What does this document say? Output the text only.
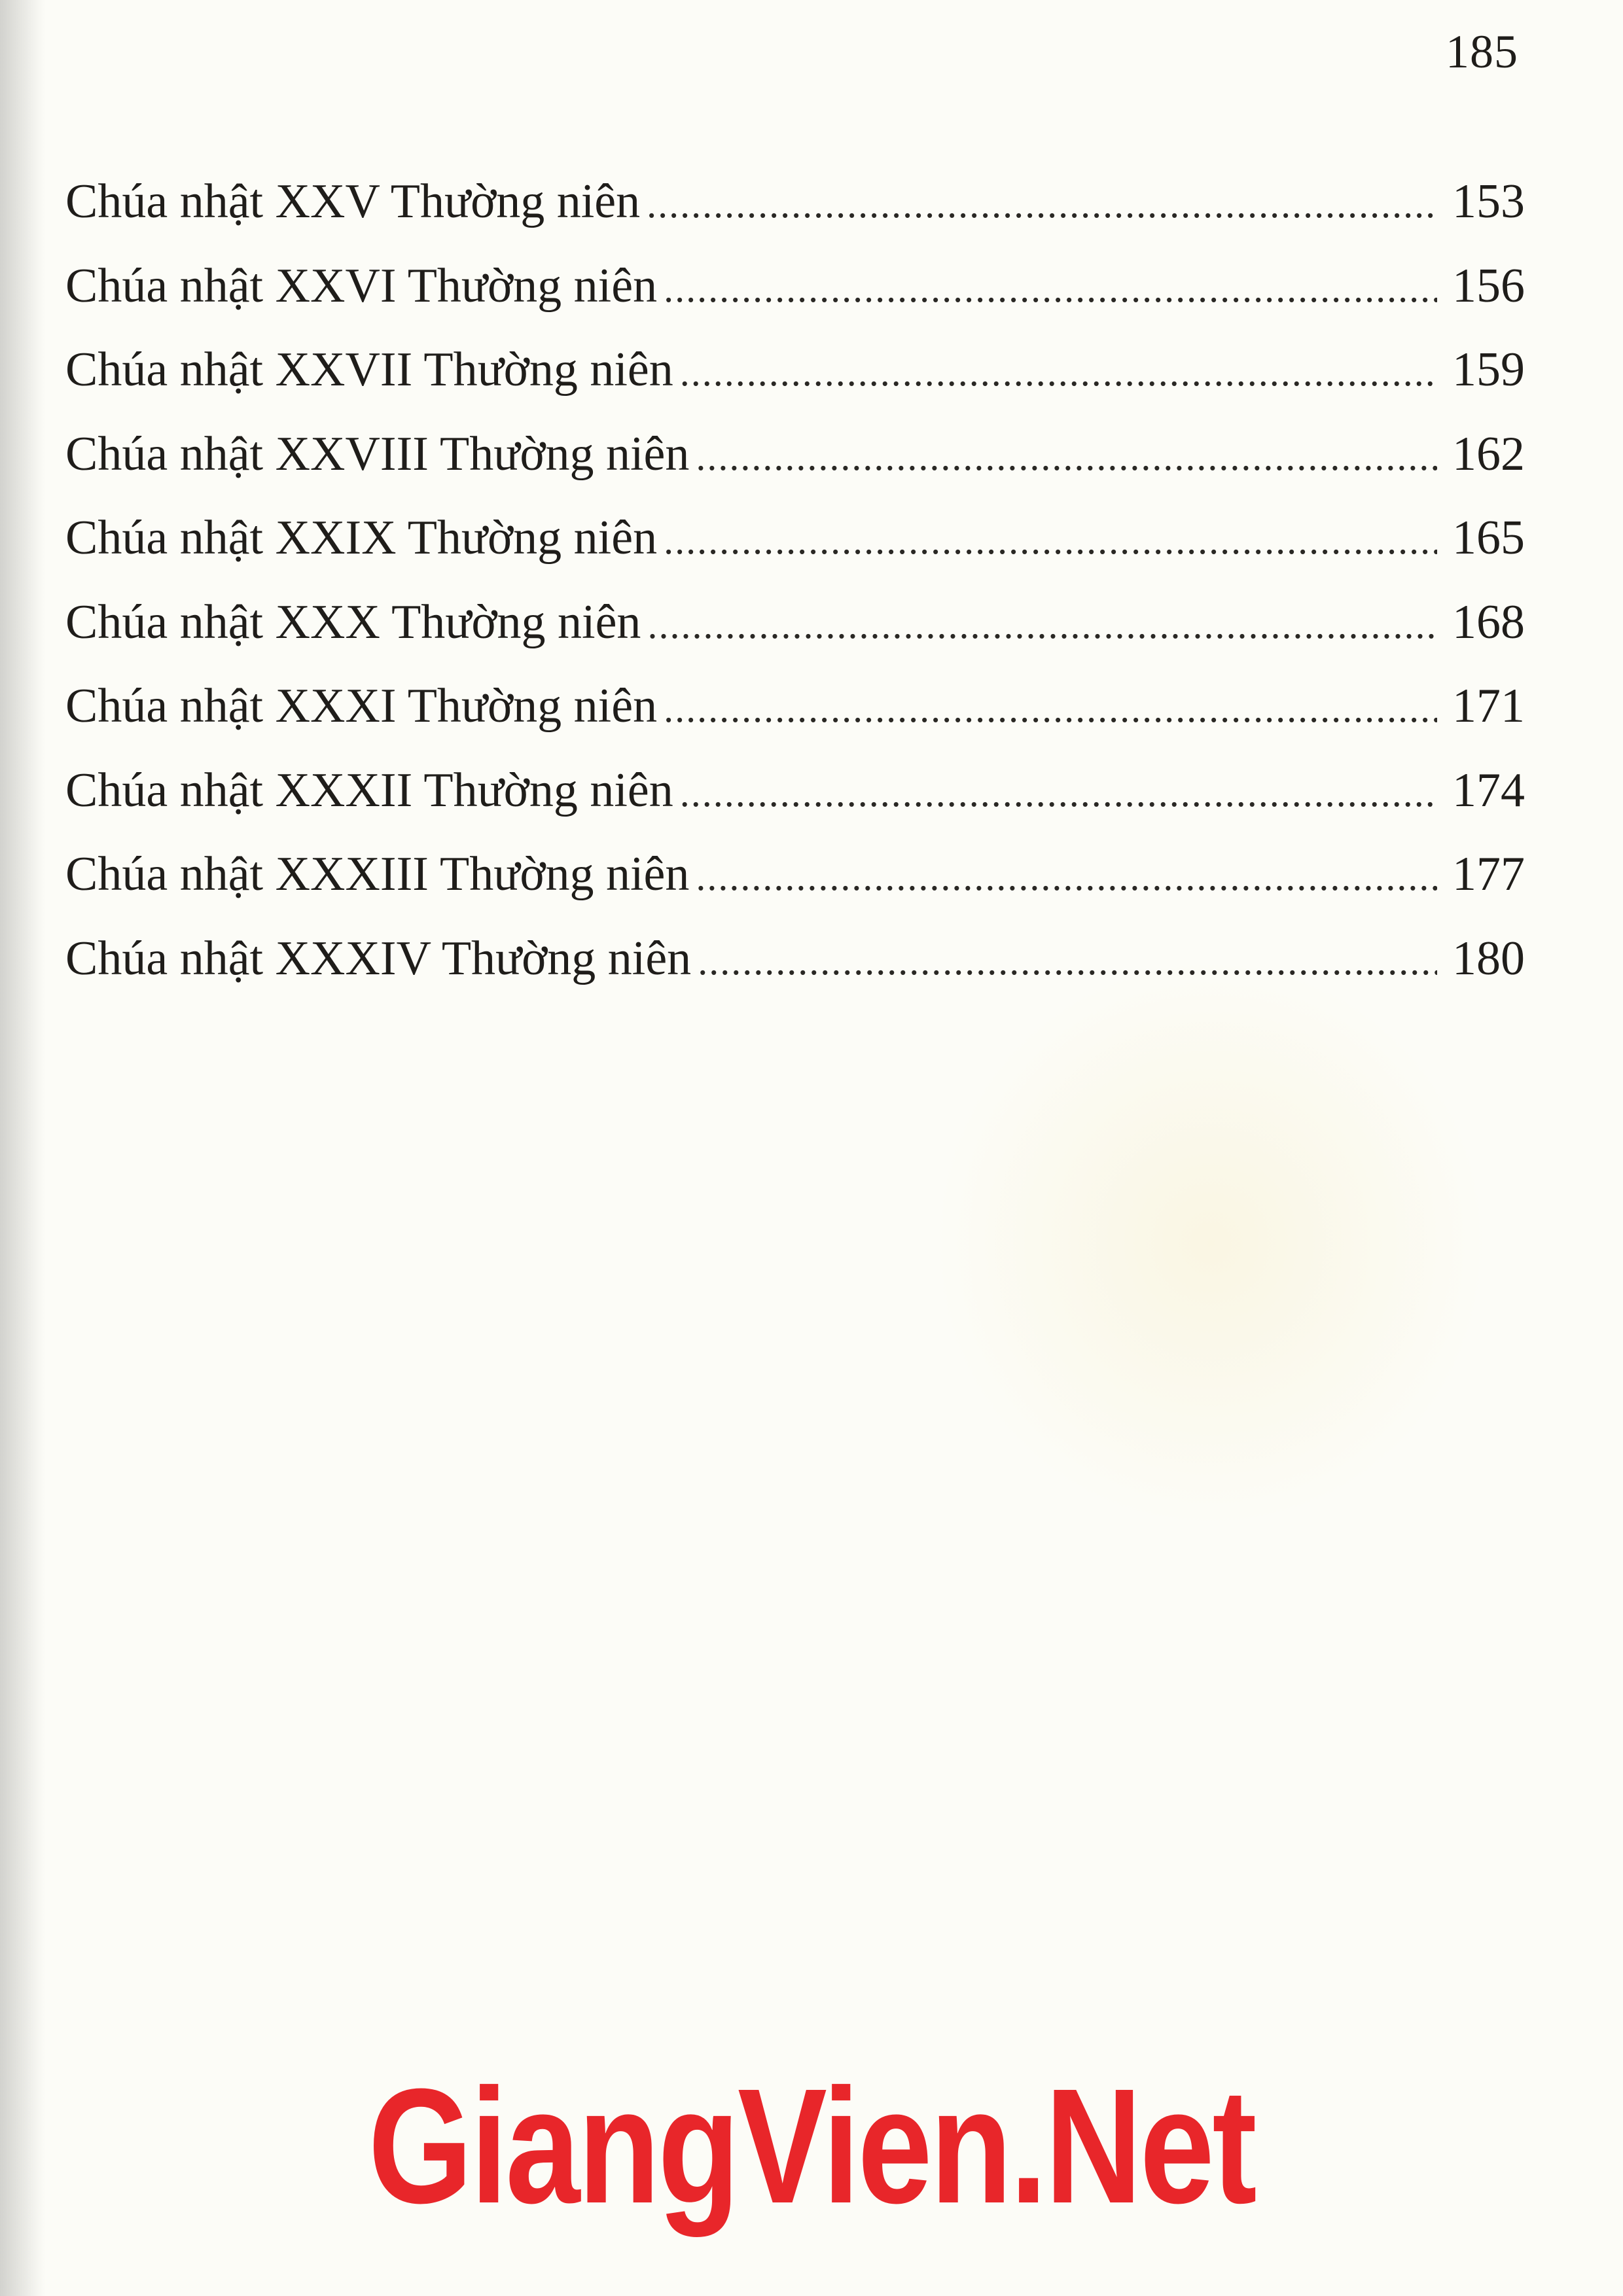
185
Chúa nhật XXV Thường niên .....	153
Chúa nhật XXVI Thường niên .....	156
Chúa nhật XXVII Thường niên .....	159
Chúa nhật XXVIII Thường niên .....	162
Chúa nhật XXIX Thường niên .....	165
Chúa nhật XXX Thường niên .....	168
Chúa nhật XXXI Thường niên .....	171
Chúa nhật XXXII Thường niên .....	174
Chúa nhật XXXIII Thường niên .....	177
Chúa nhật XXXIV Thường niên .....	180
GiangVien.Net
